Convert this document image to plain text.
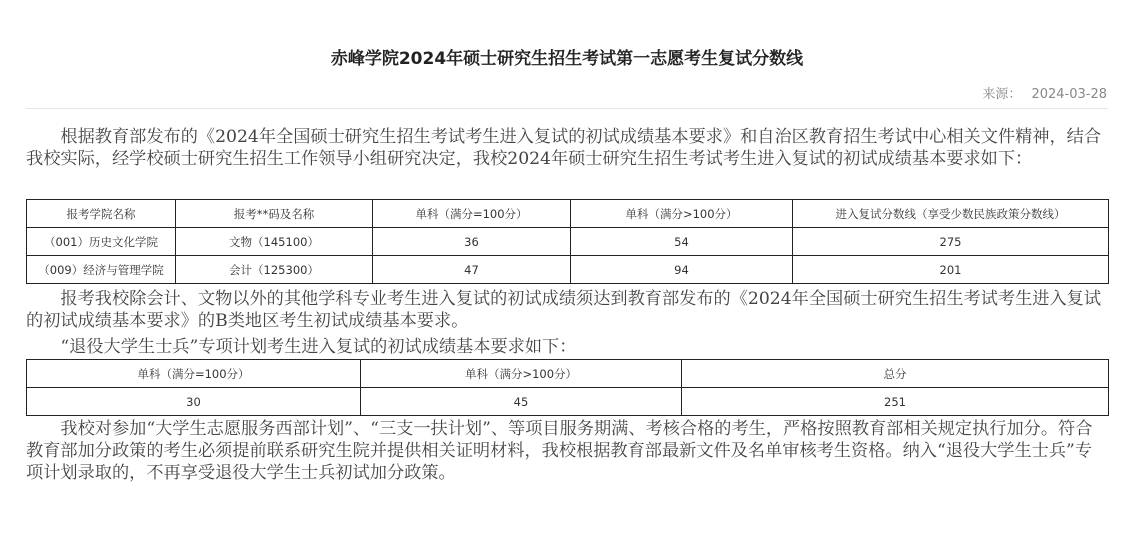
赤峰学院2024年硕士研究生招生考试第一志愿考生复试分数线
来源： 2024-03-28

根据教育部发布的《2024年全国硕士研究生招生考试考生进入复试的初试成绩基本要求》和自治区教育招生考试中心相关文件精神，结合我校实际，经学校硕士研究生招生工作领导小组研究决定，我校2024年硕士研究生招生考试考生进入复试的初试成绩基本要求如下：

报考学院名称	报考**码及名称	单科（满分=100分）	单科（满分>100分）	进入复试分数线（享受少数民族政策分数线）
（001）历史文化学院	文物（145100）	36	54	275
（009）经济与管理学院	会计（125300）	47	94	201

报考我校除会计、文物以外的其他学科专业考生进入复试的初试成绩须达到教育部发布的《2024年全国硕士研究生招生考试考生进入复试的初试成绩基本要求》的B类地区考生初试成绩基本要求。

“退役大学生士兵”专项计划考生进入复试的初试成绩基本要求如下：

单科（满分=100分）	单科（满分>100分）	总分
30	45	251

我校对参加“大学生志愿服务西部计划”、“三支一扶计划”、等项目服务期满、考核合格的考生，严格按照教育部相关规定执行加分。符合教育部加分政策的考生必须提前联系研究生院并提供相关证明材料，我校根据教育部最新文件及名单审核考生资格。纳入“退役大学生士兵”专项计划录取的，不再享受退役大学生士兵初试加分政策。
